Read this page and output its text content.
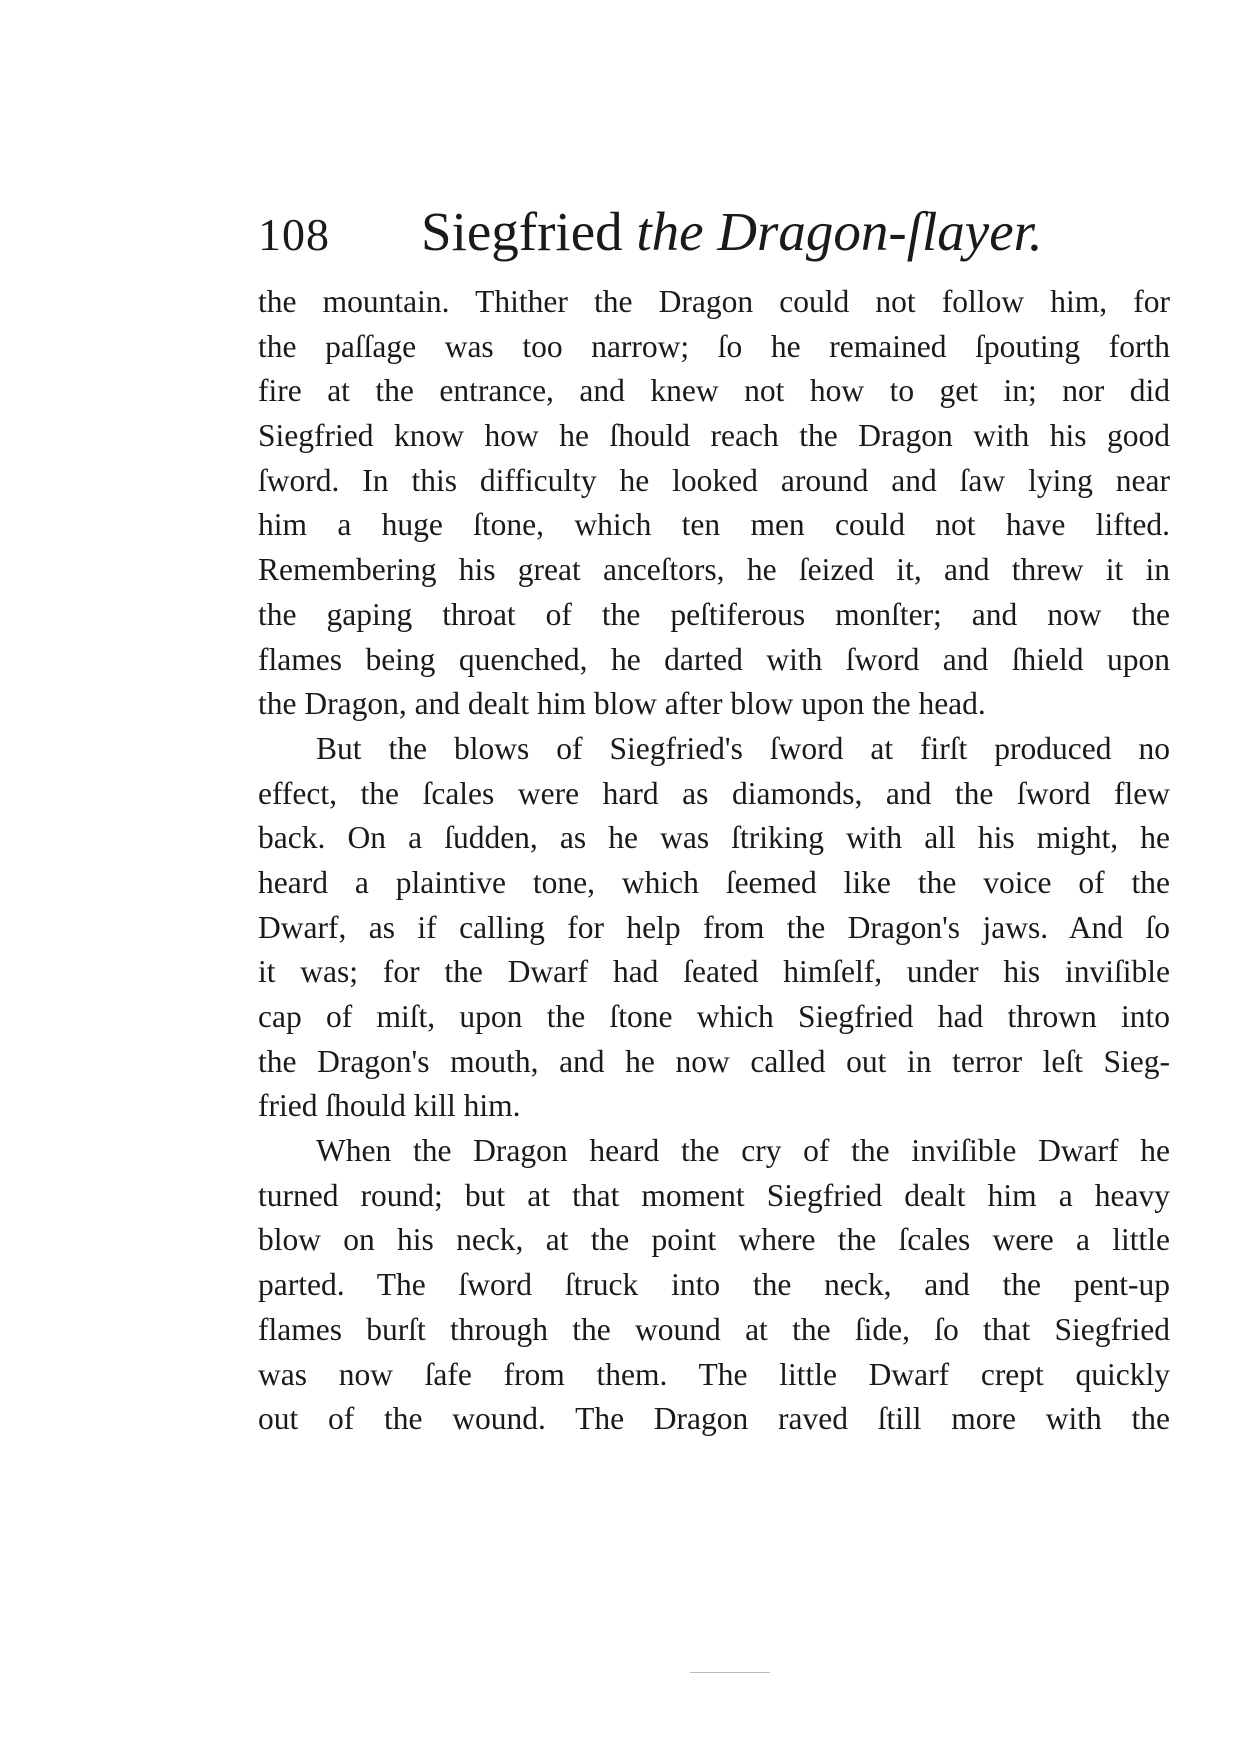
108 Siegfried the Dragon-ſlayer.
the mountain. Thither the Dragon could not follow him, for
the paſſage was too narrow; ſo he remained ſpouting forth
fire at the entrance, and knew not how to get in; nor did
Siegfried know how he ſhould reach the Dragon with his good
ſword. In this difficulty he looked around and ſaw lying near
him a huge ſtone, which ten men could not have lifted.
Remembering his great anceſtors, he ſeized it, and threw it in
the gaping throat of the peſtiferous monſter; and now the
flames being quenched, he darted with ſword and ſhield upon
the Dragon, and dealt him blow after blow upon the head.
But the blows of Siegfried's ſword at firſt produced no
effect, the ſcales were hard as diamonds, and the ſword flew
back. On a ſudden, as he was ſtriking with all his might, he
heard a plaintive tone, which ſeemed like the voice of the
Dwarf, as if calling for help from the Dragon's jaws. And ſo
it was; for the Dwarf had ſeated himſelf, under his inviſible
cap of miſt, upon the ſtone which Siegfried had thrown into
the Dragon's mouth, and he now called out in terror leſt Sieg-
fried ſhould kill him.
When the Dragon heard the cry of the inviſible Dwarf he
turned round; but at that moment Siegfried dealt him a heavy
blow on his neck, at the point where the ſcales were a little
parted. The ſword ſtruck into the neck, and the pent-up
flames burſt through the wound at the ſide, ſo that Siegfried
was now ſafe from them. The little Dwarf crept quickly
out of the wound. The Dragon raved ſtill more with the
